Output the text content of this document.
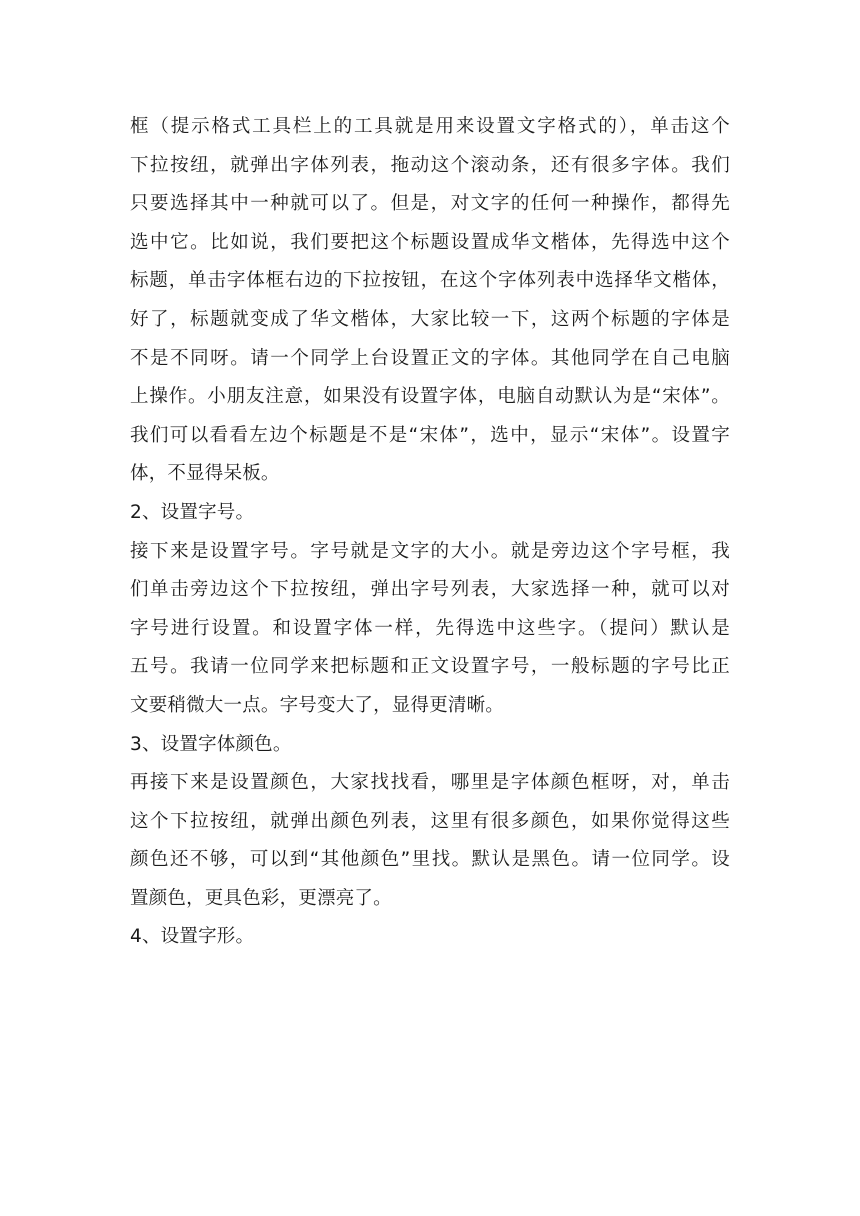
框（提示格式工具栏上的工具就是用来设置文字格式的），单击这个
下拉按纽，就弹出字体列表，拖动这个滚动条，还有很多字体。我们
只要选择其中一种就可以了。但是，对文字的任何一种操作，都得先
选中它。比如说，我们要把这个标题设置成华文楷体，先得选中这个
标题，单击字体框右边的下拉按钮，在这个字体列表中选择华文楷体，
好了，标题就变成了华文楷体，大家比较一下，这两个标题的字体是
不是不同呀。请一个同学上台设置正文的字体。其他同学在自己电脑
上操作。小朋友注意，如果没有设置字体，电脑自动默认为是“宋体”。
我们可以看看左边个标题是不是“宋体”，选中，显示“宋体”。设置字
体，不显得呆板。
2、设置字号。
接下来是设置字号。字号就是文字的大小。就是旁边这个字号框，我
们单击旁边这个下拉按纽，弹出字号列表，大家选择一种，就可以对
字号进行设置。和设置字体一样，先得选中这些字。（提问）默认是
五号。我请一位同学来把标题和正文设置字号，一般标题的字号比正
文要稍微大一点。字号变大了，显得更清晰。
3、设置字体颜色。
再接下来是设置颜色，大家找找看，哪里是字体颜色框呀，对，单击
这个下拉按纽，就弹出颜色列表，这里有很多颜色，如果你觉得这些
颜色还不够，可以到“其他颜色”里找。默认是黑色。请一位同学。设
置颜色，更具色彩，更漂亮了。
4、设置字形。
